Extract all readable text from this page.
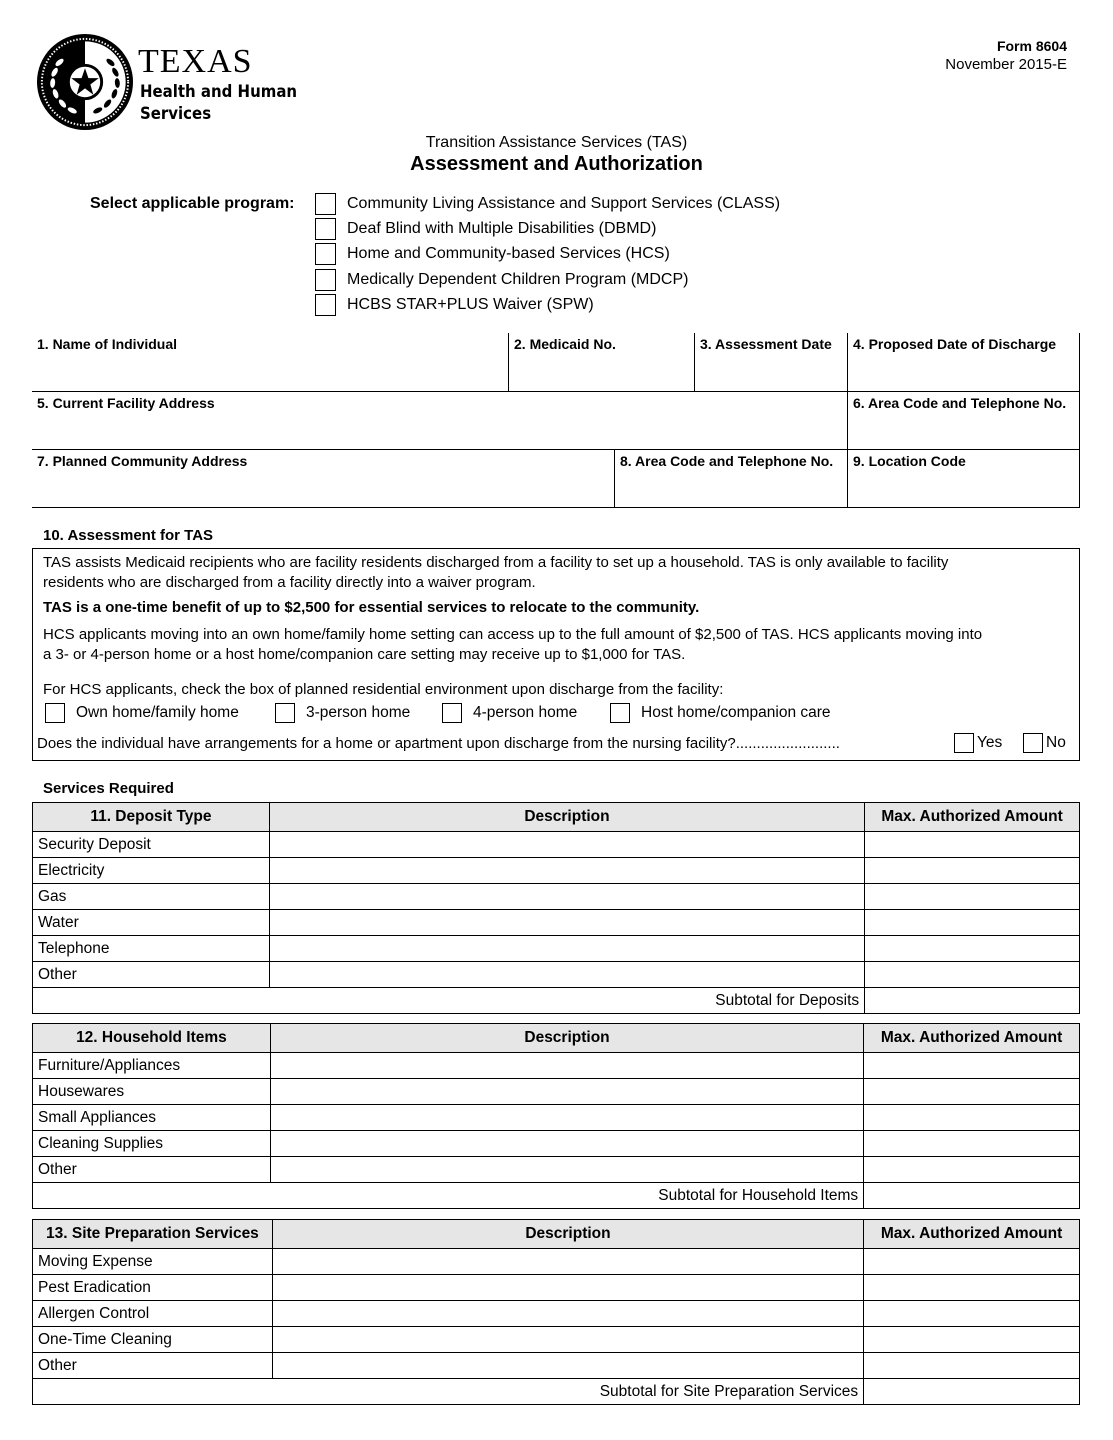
TEXAS
Health and Human
Services
Form 8604
November 2015-E
Transition Assistance Services (TAS)
Assessment and Authorization
Select applicable program:	Community Living Assistance and Support Services (CLASS)
Deaf Blind with Multiple Disabilities (DBMD)
Home and Community-based Services (HCS)
Medically Dependent Children Program (MDCP)
HCBS STAR+PLUS Waiver (SPW)
1. Name of Individual	2. Medicaid No.	3. Assessment Date	4. Proposed Date of Discharge
5. Current Facility Address	6. Area Code and Telephone No.
7. Planned Community Address	8. Area Code and Telephone No.	9. Location Code
10. Assessment for TAS
TAS assists Medicaid recipients who are facility residents discharged from a facility to set up a household. TAS is only available to facility
residents who are discharged from a facility directly into a waiver program.
TAS is a one-time benefit of up to $2,500 for essential services to relocate to the community.
HCS applicants moving into an own home/family home setting can access up to the full amount of $2,500 of TAS. HCS applicants moving into
a 3- or 4-person home or a host home/companion care setting may receive up to $1,000 for TAS.
For HCS applicants, check the box of planned residential environment upon discharge from the facility:
Own home/family home	3-person home	4-person home	Host home/companion care
Does the individual have arrangements for a home or apartment upon discharge from the nursing facility?.........................	Yes	No
Services Required
11. Deposit Type	Description	Max. Authorized Amount
Security Deposit		
Electricity		
Gas		
Water		
Telephone		
Other		
Subtotal for Deposits		
12. Household Items	Description	Max. Authorized Amount
Furniture/Appliances		
Housewares		
Small Appliances		
Cleaning Supplies		
Other		
Subtotal for Household Items		
13. Site Preparation Services	Description	Max. Authorized Amount
Moving Expense		
Pest Eradication		
Allergen Control		
One-Time Cleaning		
Other		
Subtotal for Site Preparation Services		
